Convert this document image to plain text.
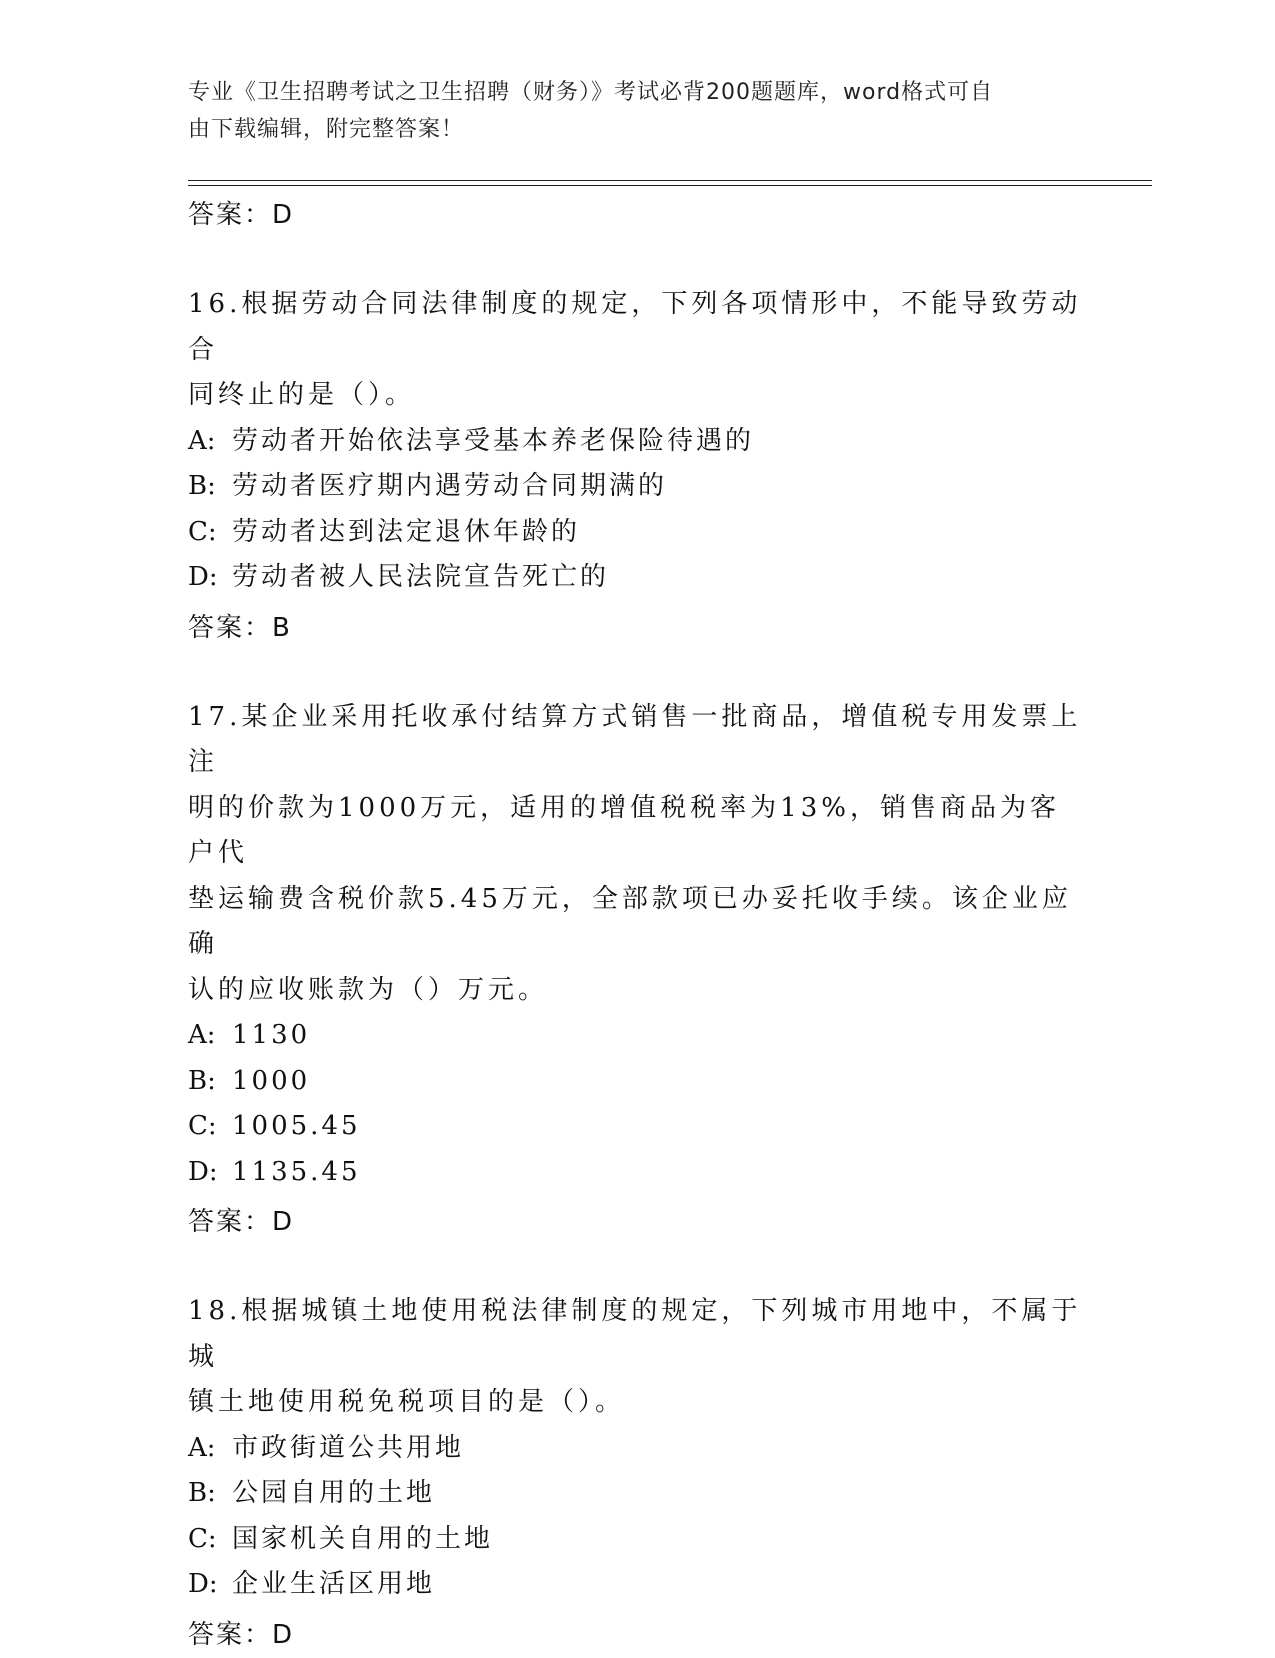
专业《卫生招聘考试之卫生招聘（财务）》考试必背200题题库，word格式可自
由下载编辑，附完整答案！

答案：D

16.根据劳动合同法律制度的规定，下列各项情形中，不能导致劳动合
同终止的是（）。

A: 劳动者开始依法享受基本养老保险待遇的

B: 劳动者医疗期内遇劳动合同期满的

C: 劳动者达到法定退休年龄的

D: 劳动者被人民法院宣告死亡的

答案：B

17.某企业采用托收承付结算方式销售一批商品，增值税专用发票上注
明的价款为1000万元，适用的增值税税率为13%，销售商品为客户代
垫运输费含税价款5.45万元，全部款项已办妥托收手续。该企业应确
认的应收账款为（）万元。

A: 1130

B: 1000

C: 1005.45

D: 1135.45

答案：D

18.根据城镇土地使用税法律制度的规定，下列城市用地中，不属于城
镇土地使用税免税项目的是（）。

A: 市政街道公共用地

B: 公园自用的土地

C: 国家机关自用的土地

D: 企业生活区用地

答案：D
